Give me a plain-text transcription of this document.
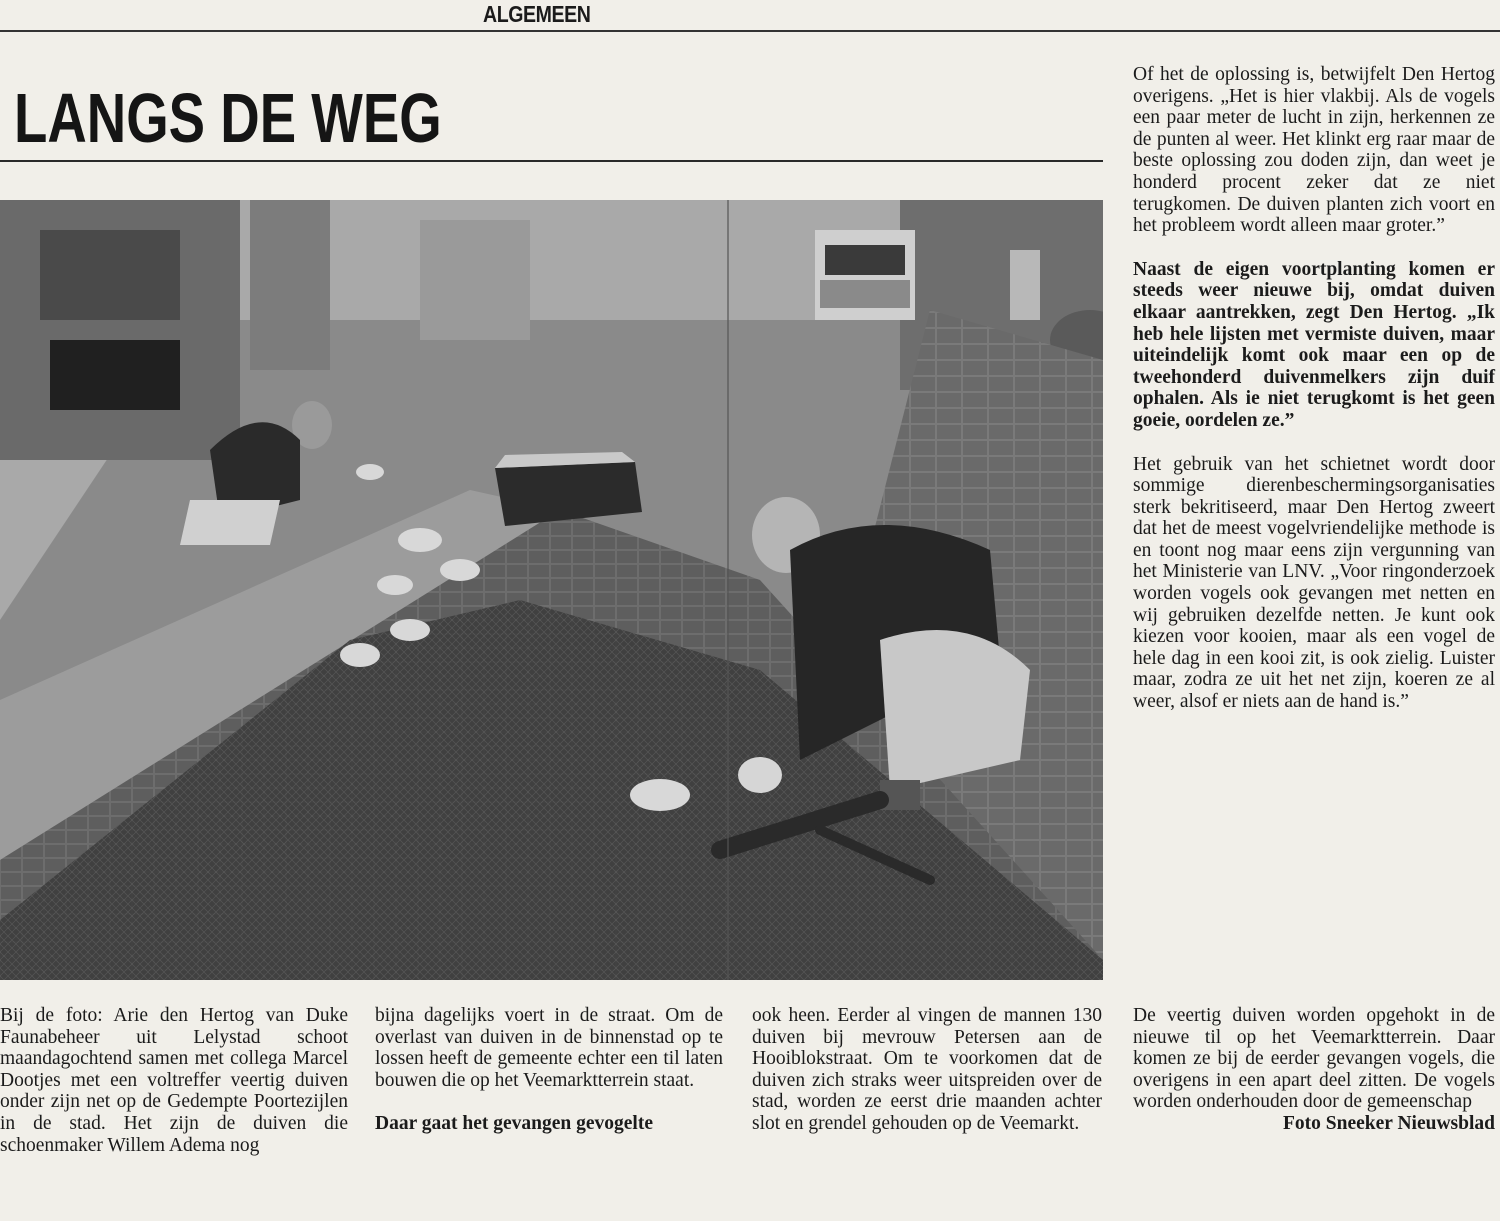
ALGEMEEN
LANGS DE WEG

Of het de oplossing is, betwijfelt Den Hertog overigens. „Het is hier vlakbij. Als de vogels een paar meter de lucht in zijn, herkennen ze de punten al weer. Het klinkt erg raar maar de beste oplossing zou doden zijn, dan weet je honderd procent zeker dat ze niet terugkomen. De duiven planten zich voort en het probleem wordt alleen maar groter.”

Naast de eigen voortplanting komen er steeds weer nieuwe bij, omdat duiven elkaar aantrekken, zegt Den Hertog. „Ik heb hele lijsten met vermiste duiven, maar uiteindelijk komt ook maar een op de tweehonderd duivenmelkers zijn duif ophalen. Als ie niet terugkomt is het geen goeie, oordelen ze.”

Het gebruik van het schietnet wordt door sommige dierenbeschermingsorganisaties sterk bekritiseerd, maar Den Hertog zweert dat het de meest vogelvriendelijke methode is en toont nog maar eens zijn vergunning van het Ministerie van LNV. „Voor ringonderzoek worden vogels ook gevangen met netten en wij gebruiken dezelfde netten. Je kunt ook kiezen voor kooien, maar als een vogel de hele dag in een kooi zit, is ook zielig. Luister maar, zodra ze uit het net zijn, koeren ze al weer, alsof er niets aan de hand is.”

Bij de foto: Arie den Hertog van Duke Faunabeheer uit Lelystad schoot maandagochtend samen met collega Marcel Dootjes met een voltreffer veertig duiven onder zijn net op de Gedempte Poortezijlen in de stad. Het zijn de duiven die schoenmaker Willem Adema nog

bijna dagelijks voert in de straat. Om de overlast van duiven in de binnenstad op te lossen heeft de gemeente echter een til laten bouwen die op het Veemarktterrein staat.

Daar gaat het gevangen gevogelte

ook heen. Eerder al vingen de mannen 130 duiven bij mevrouw Petersen aan de Hooiblokstraat. Om te voorkomen dat de duiven zich straks weer uitspreiden over de stad, worden ze eerst drie maanden achter slot en grendel gehouden op de Veemarkt.

De veertig duiven worden opgehokt in de nieuwe til op het Veemarktterrein. Daar komen ze bij de eerder gevangen vogels, die overigens in een apart deel zitten. De vogels worden onderhouden door de gemeenschap

Foto Sneeker Nieuwsblad
